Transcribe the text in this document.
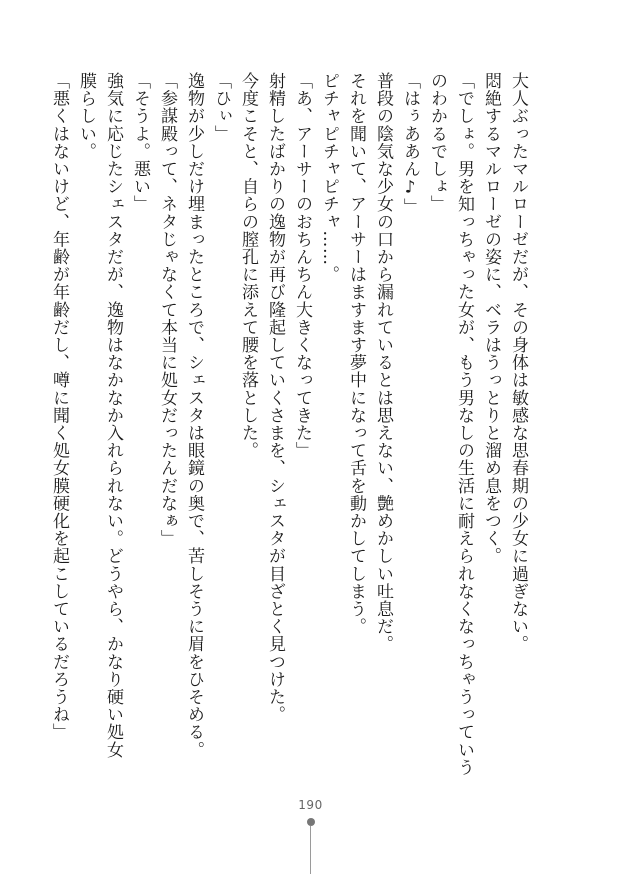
大人ぶったマルローゼだが、その身体は敏感な思春期の少女に過ぎない。
悶絶するマルローゼの姿に、ベラはうっとりと溜め息をつく。
「でしょ。男を知っちゃった女が、もう男なしの生活に耐えられなくなっちゃうっていう
のわかるでしょ」
「はぅああん♪」
普段の陰気な少女の口から漏れているとは思えない、艶めかしい吐息だ。
それを聞いて、アーサーはますます夢中になって舌を動かしてしまう。
ピチャピチャピチャ……。
「あ、アーサーのおちんちん大きくなってきた」
射精したばかりの逸物が再び隆起していくさまを、シェスタが目ざとく見つけた。
今度こそと、自らの膣孔に添えて腰を落とした。
「ひぃ」
逸物が少しだけ埋まったところで、シェスタは眼鏡の奥で、苦しそうに眉をひそめる。
「参謀殿って、ネタじゃなくて本当に処女だったんだなぁ」
「そうよ。悪い」
強気に応じたシェスタだが、逸物はなかなか入れられない。どうやら、かなり硬い処女
膜らしい。
「悪くはないけど、年齢が年齢だし、噂に聞く処女膜硬化を起こしているだろうね」
190
